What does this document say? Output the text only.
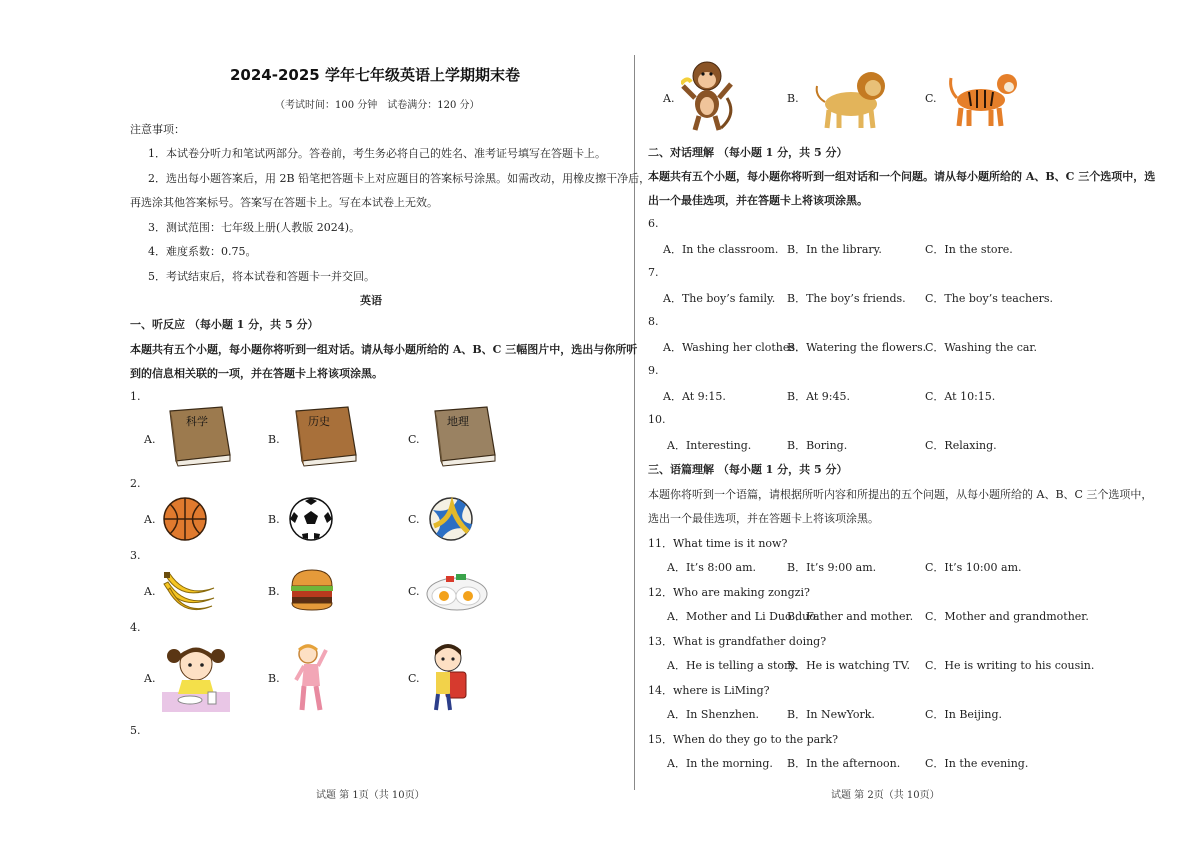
2024-2025 学年七年级英语上学期期末卷
（考试时间：100 分钟　试卷满分：120 分）
注意事项：
1．本试卷分听力和笔试两部分。答卷前，考生务必将自己的姓名、准考证号填写在答题卡上。
2．选出每小题答案后，用 2B 铅笔把答题卡上对应题目的答案标号涂黑。如需改动，用橡皮擦干净后，
再选涂其他答案标号。答案写在答题卡上。写在本试卷上无效。
3．测试范围：七年级上册(人教版 2024)。
4．难度系数：0.75。
5．考试结束后，将本试卷和答题卡一并交回。
英语
一、听反应 （每小题 1 分，共 5 分）
本题共有五个小题，每小题你将听到一组对话。请从每小题所给的 A、B、C 三幅图片中，选出与你所听
到的信息相关联的一项，并在答题卡上将该项涂黑。
1.
A.	B.	C.
科学	历史	地理
2.
A.	B.	C.
3.
A.	B.	C.
4.
A.	B.	C.
5.
试题 第 1页（共 10页）
A.	B.	C.
二、对话理解 （每小题 1 分，共 5 分）
本题共有五个小题，每小题你将听到一组对话和一个问题。请从每小题所给的 A、B、C 三个选项中，选
出一个最佳选项，并在答题卡上将该项涂黑。
6.
A．In the classroom. B．In the library.	C．In the store.
7.
A．The boy’s family. B．The boy’s friends. C．The boy’s teachers.
8.
A．Washing her clothes.
B．Watering the flowers.
C．Washing the car.
9.
A．At 9:15.	B．At 9:45.	C．At 10:15.
10.
A．Interesting.	B．Boring.	C．Relaxing.
三、语篇理解 （每小题 1 分，共 5 分）
本题你将听到一个语篇，请根据所听内容和所提出的五个问题，从每小题所给的 A、B、C 三个选项中，
选出一个最佳选项，并在答题卡上将该项涂黑。
11．What time is it now?
A．It’s 8:00 am.	B．It’s 9:00 am.	C．It’s 10:00 am.
12．Who are making zongzi?
A．Mother and Li Duo duo.
B．Father and mother. C．Mother and grandmother.
13．What is grandfather doing?
A．He is telling a story.
B．He is watching TV. C．He is writing to his cousin.
14．where is LiMing?
A．In Shenzhen.	B．In NewYork.	C．In Beijing.
15．When do they go to the park?
A．In the morning. B．In the afternoon. C．In the evening.
试题 第 2页（共 10页）
